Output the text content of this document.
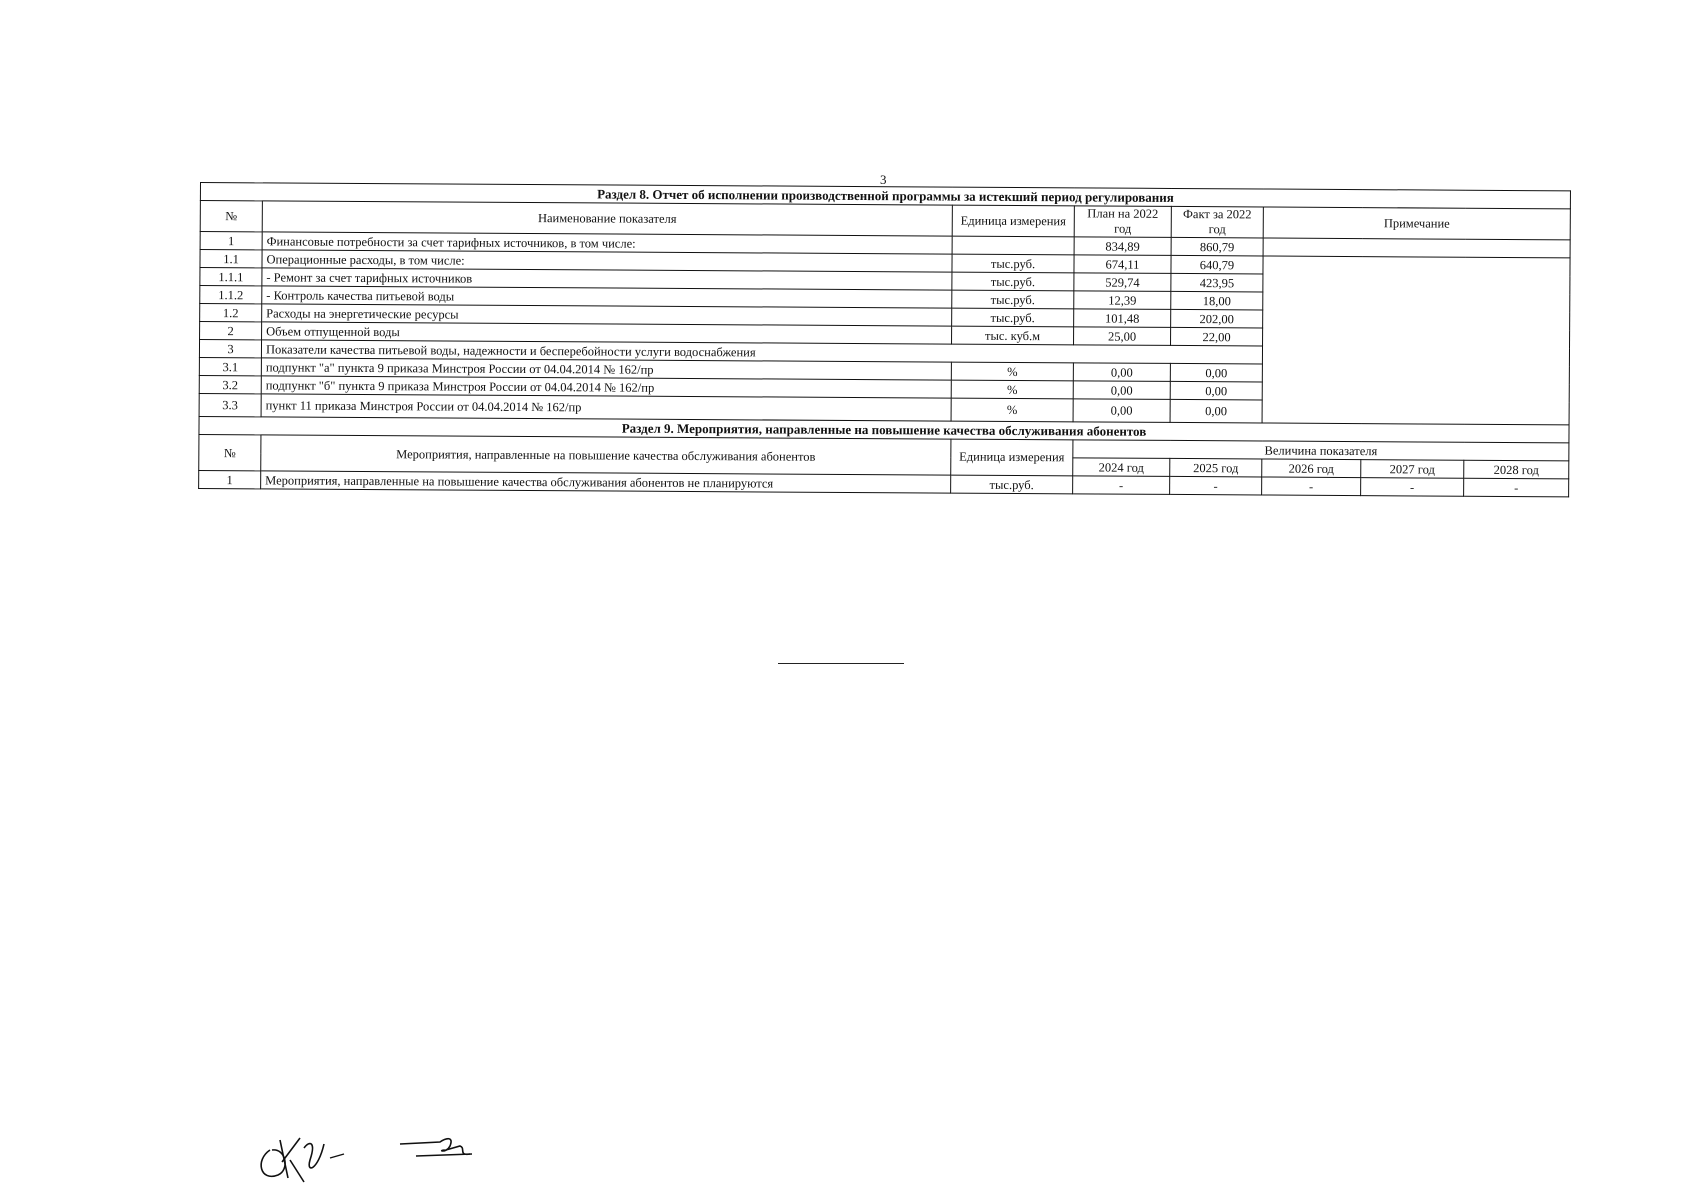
3
Раздел 8. Отчет об исполнении производственной программы за истекший период регулирования							
№	Наименование показателя	Единица измерения	План на 2022 год	Факт за 2022 год	Примечание		
1	Финансовые потребности за счет тарифных источников, в том числе:		834,89	860,79			
1.1	Операционные расходы, в том числе:	тыс.руб.	674,11	640,79			
1.1.1	- Ремонт за счет тарифных источников	тыс.руб.	529,74	423,95			
1.1.2	- Контроль качества питьевой воды	тыс.руб.	12,39	18,00			
1.2	Расходы на энергетические ресурсы	тыс.руб.	101,48	202,00			
2	Объем отпущенной воды	тыс. куб.м	25,00	22,00			
3	Показатели качества питьевой воды, надежности и бесперебойности услуги водоснабжения						
3.1	подпункт "а" пункта 9 приказа Минстроя России от 04.04.2014 № 162/пр	%	0,00	0,00			
3.2	подпункт "б" пункта 9 приказа Минстроя России от 04.04.2014 № 162/пр	%	0,00	0,00			
3.3	пункт 11 приказа Минстроя России от 04.04.2014 № 162/пр	%	0,00	0,00			
Раздел 9. Мероприятия, направленные на повышение качества обслуживания абонентов							
№	Мероприятия, направленные на повышение качества обслуживания абонентов	Единица измерения	Величина показателя				
			2024 год	2025 год	2026 год	2027 год	2028 год
1	Мероприятия, направленные на повышение качества обслуживания абонентов не планируются	тыс.руб.	-	-	-	-	-
